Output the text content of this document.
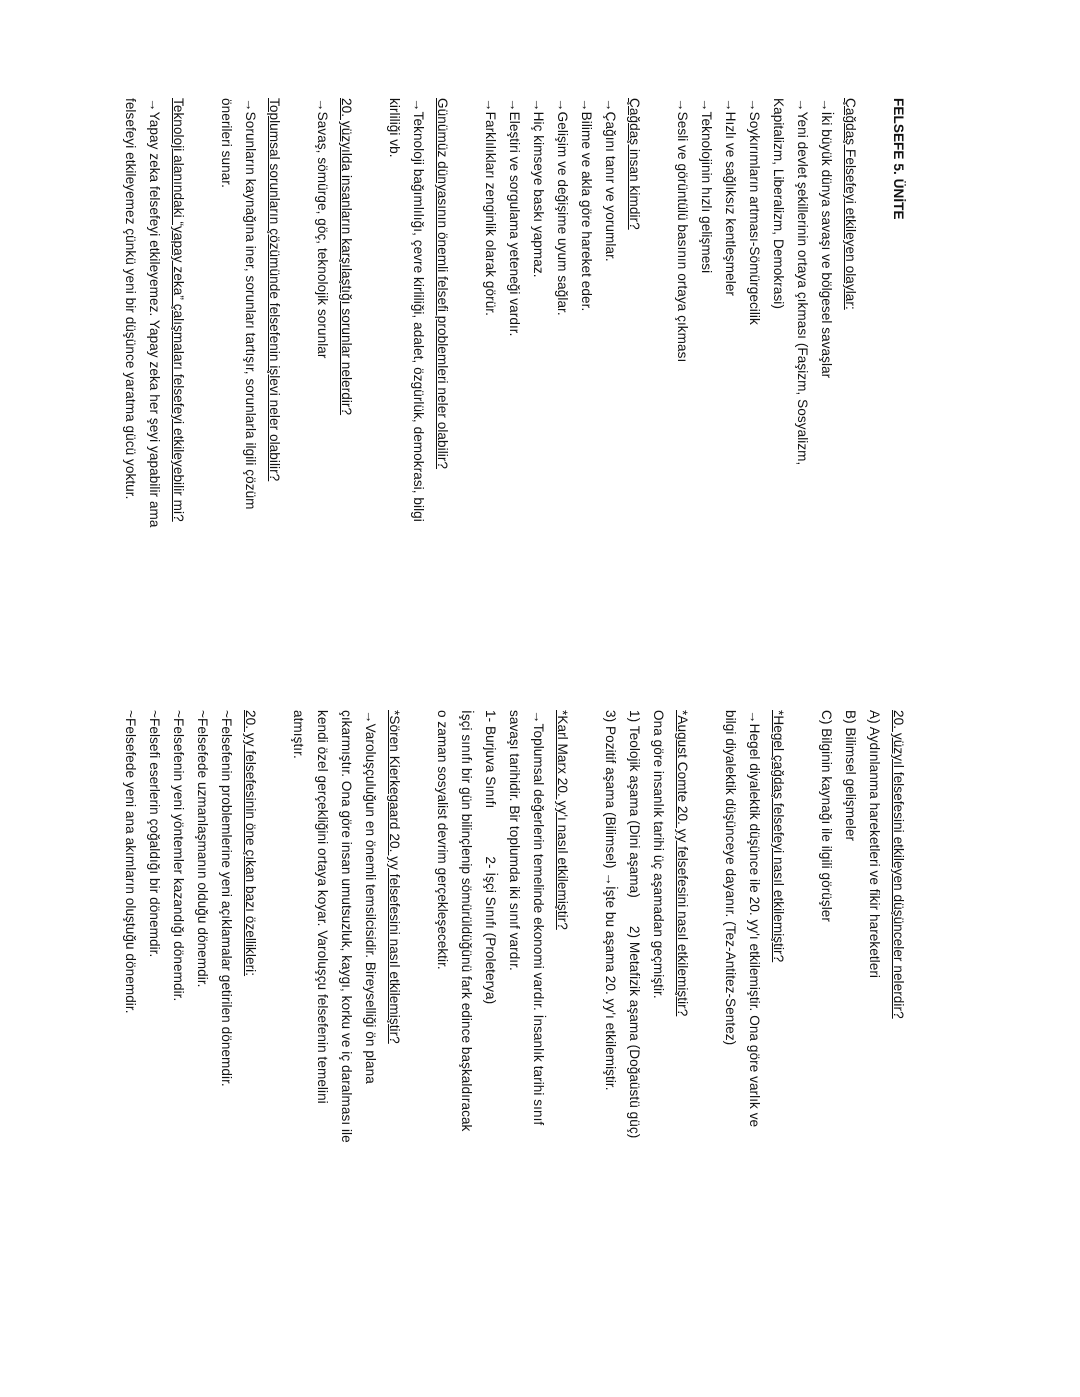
FELSEFE 5. ÜNİTE
Çağdaş Felsefeyi etkileyen olaylar:
→İki büyük dünya savaşı ve bölgesel savaşlar
→Yeni devlet şekillerinin ortaya çıkması (Faşizm, Sosyalizm,
Kapitalizm, Liberalizm, Demokrasi)
→Soykırımların artması-Sömürgecilik
→Hızlı ve sağlıksız kentleşmeler
→Teknolojinin hızlı gelişmesi
→Sesli ve görüntülü basının ortaya çıkması
Çağdaş insan kimdir?
→Çağını tanır ve yorumlar.
→Bilime ve akla göre hareket eder.
→Gelişim ve değişime uyum sağlar.
→Hiç kimseye baskı yapmaz.
→Eleştiri ve sorgulama yeteneği vardır.
→Farklılıkları zenginlik olarak görür.
Günümüz dünyasının önemli felsefi problemleri neler olabilir?
→Teknoloji bağımlılığı, çevre kirliliği, adalet, özgürlük, demokrasi, bilgi
kirliliği vb.
20. yüzyılda insanların karşılaştığı sorunlar nelerdir?
→Savaş, sömürge, göç, teknolojik sorunlar
Toplumsal sorunların çözümünde felsefenin işlevi neler olabilir?
→Sorunların kaynağına iner, sorunları tartışır, sorunlarla ilgili çözüm
önerileri sunar.
Teknoloji alanındaki “yapay zeka” çalışmaları felsefeyi etkileyebilir mi?
→Yapay zeka felsefeyi etkileyemez. Yapay zeka her şeyi yapabilir ama
felsefeyi etkileyemez çünkü yeni bir düşünce yaratma gücü yoktur.
20. yüzyıl felsefesini etkileyen düşünceler nelerdir?
A) Aydınlanma hareketleri ve fikir hareketleri
B) Bilimsel gelişmeler
C) Bilginin kaynağı ile ilgili görüşler
*Hegel çağdaş felsefeyi nasıl etkilemiştir?
→Hegel diyalektik düşünce ile 20. yy'ı etkilemiştir. Ona göre varlık ve
bilgi diyalektik düşünceye dayanır. (Tez-Antitez-Sentez)
*August Comte 20. yy felsefesini nasıl etkilemiştir?
Ona göre insanlık tarihi üç aşamadan geçmiştir.
1) Teolojik aşama (Dini aşama)2) Metafizik aşama (Doğaüstü güç)
3) Pozitif aşama (Bilimsel) →İşte bu aşama 20. yy'ı etkilemiştir.
*Karl Marx 20. yy'ı nasıl etkilemiştir?
→Toplumsal değerlerin temelinde ekonomi vardır. İnsanlık tarihi sınıf
savaşı tarihidir. Bir toplumda iki sınıf vardır.
1- Burjuva Sınıfı2- İşçi Sınıfı (Proleterya)
İşçi sınıfı bir gün bilinçlenip sömürüldüğünü fark edince başkaldıracak
o zaman sosyalist devrim gerçekleşecektir.
*Sören Kierkegaard 20. yy felsefesini nasıl etkilemiştir?
→Varoluşçuluğun en önemli temsilcisidir. Bireyselliği ön plana
çıkarmıştır. Ona göre insan umutsuzluk, kaygı, korku ve iç daralması ile
kendi özel gerçekliğini ortaya koyar. Varoluşçu felsefenin temelini
atmıştır.
20. yy felsefesinin öne çıkan bazı özellikleri:
~Felsefenin problemlerine yeni açıklamalar getirilen dönemdir.
~Felsefede uzmanlaşmanın olduğu dönemdir.
~Felsefenin yeni yöntemler kazandığı dönemdir.
~Felsefi eserlerin çoğaldığı bir dönemdir.
~Felsefede yeni ana akımların oluştuğu dönemdir.
